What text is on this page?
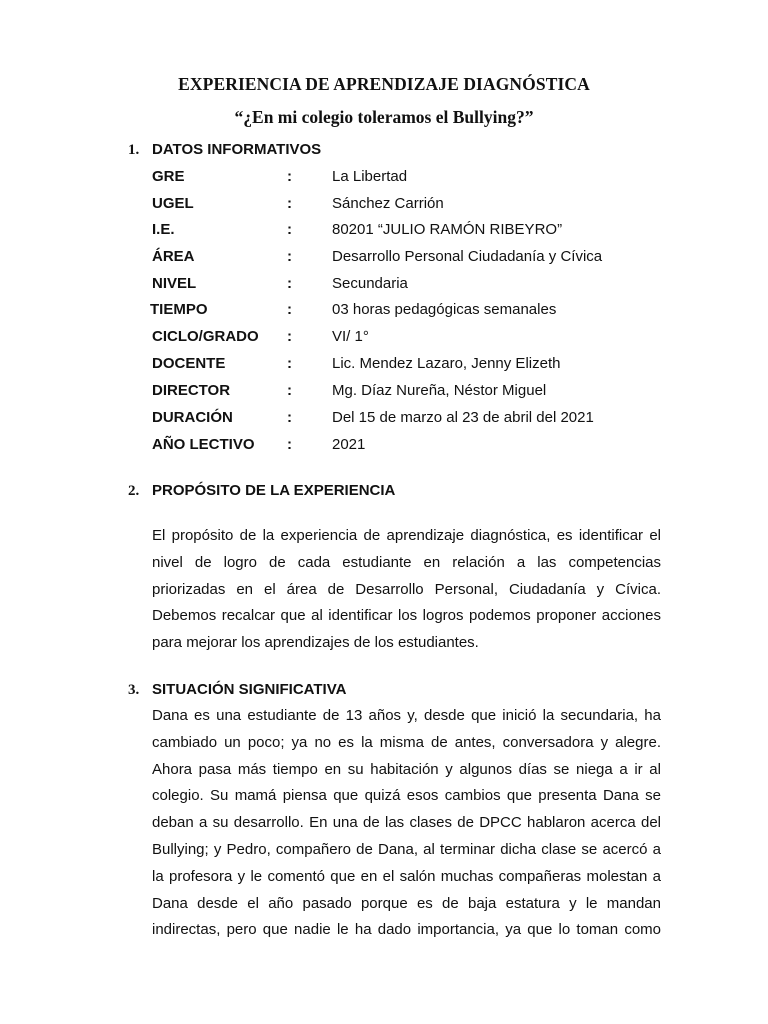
EXPERIENCIA DE APRENDIZAJE DIAGNÓSTICA
“¿En mi colegio toleramos el Bullying?”
1. DATOS INFORMATIVOS
GRE	:	La Libertad
UGEL	:	Sánchez Carrión
I.E.	:	80201 “JULIO RAMÓN RIBEYRO”
ÁREA	:	Desarrollo Personal Ciudadanía y Cívica
NIVEL	:	Secundaria
TIEMPO	:	03 horas pedagógicas semanales
CICLO/GRADO :	VI/ 1°
DOCENTE	:	Lic. Mendez Lazaro, Jenny Elizeth
DIRECTOR	:	Mg. Díaz Nureña, Néstor Miguel
DURACIÓN	:	Del 15 de marzo al 23 de abril del 2021
AÑO LECTIVO :	2021
2. PROPÓSITO DE LA EXPERIENCIA
El propósito de la experiencia de aprendizaje diagnóstica, es identificar el
nivel de logro de cada estudiante en relación a las competencias
priorizadas en el área de Desarrollo Personal, Ciudadanía y Cívica.
Debemos recalcar que al identificar los logros podemos proponer acciones
para mejorar los aprendizajes de los estudiantes.
3. SITUACIÓN SIGNIFICATIVA
Dana es una estudiante de 13 años y, desde que inició la secundaria, ha
cambiado un poco; ya no es la misma de antes, conversadora y alegre.
Ahora pasa más tiempo en su habitación y algunos días se niega a ir al
colegio. Su mamá piensa que quizá esos cambios que presenta Dana se
deban a su desarrollo. En una de las clases de DPCC hablaron acerca del
Bullying; y Pedro, compañero de Dana, al terminar dicha clase se acercó a
la profesora y le comentó que en el salón muchas compañeras molestan a
Dana desde el año pasado porque es de baja estatura y le mandan
indirectas, pero que nadie le ha dado importancia, ya que lo toman como
